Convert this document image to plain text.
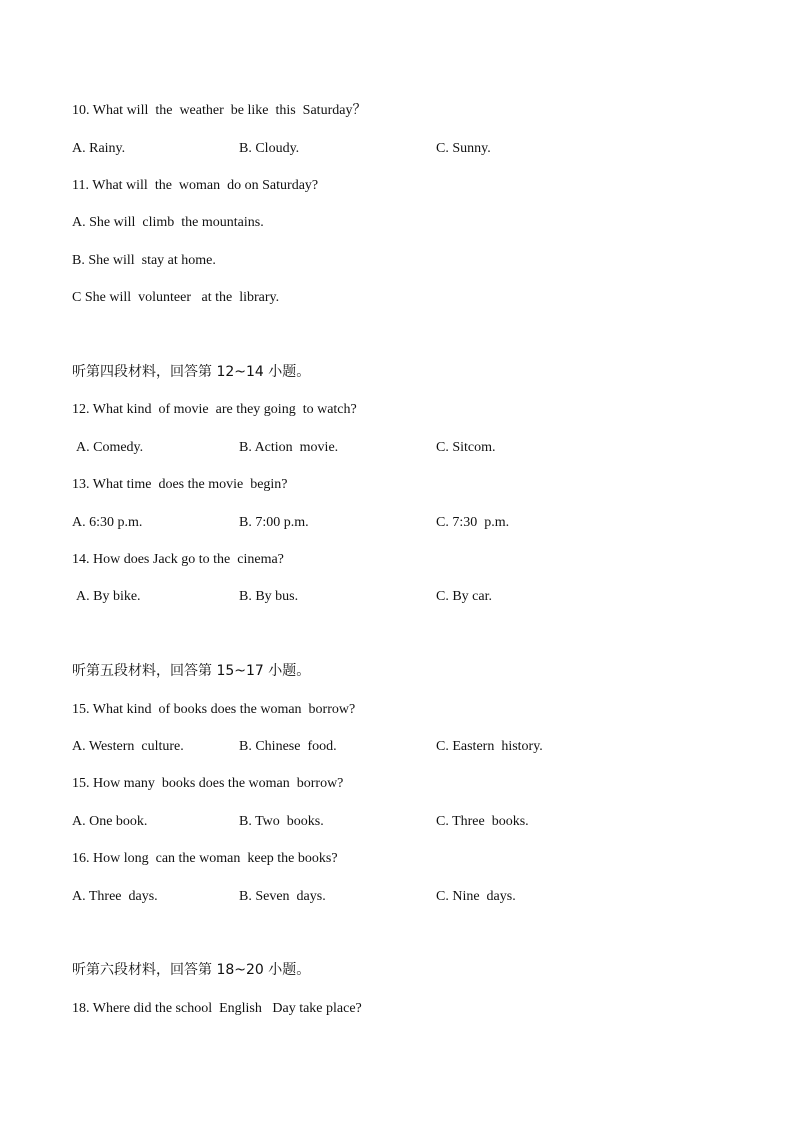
10. What will  the  weather  be like  this  Saturday？
A. Rainy.	B. Cloudy.	C. Sunny.
11. What will  the  woman  do on Saturday?
A. She will  climb  the mountains.
B. She will  stay at home.
C She will  volunteer   at the  library.
听第四段材料，回答第 12~14 小题。
12. What kind  of movie  are they going  to watch?
A. Comedy.	B. Action  movie.	C. Sitcom.
13. What time  does the movie  begin?
A. 6:30 p.m.	B. 7:00 p.m.	C. 7:30  p.m.
14. How does Jack go to the  cinema?
A. By bike.	B. By bus.	C. By car.
听第五段材料，回答第 15~17 小题。
15. What kind  of books does the woman  borrow?
A. Western  culture.	B. Chinese  food.	C. Eastern  history.
15. How many  books does the woman  borrow?
A. One book.	B. Two  books.	C. Three  books.
16. How long  can the woman  keep the books?
A. Three  days.	B. Seven  days.	C. Nine  days.
听第六段材料，回答第 18~20 小题。
18. Where did the school  English   Day take place?
